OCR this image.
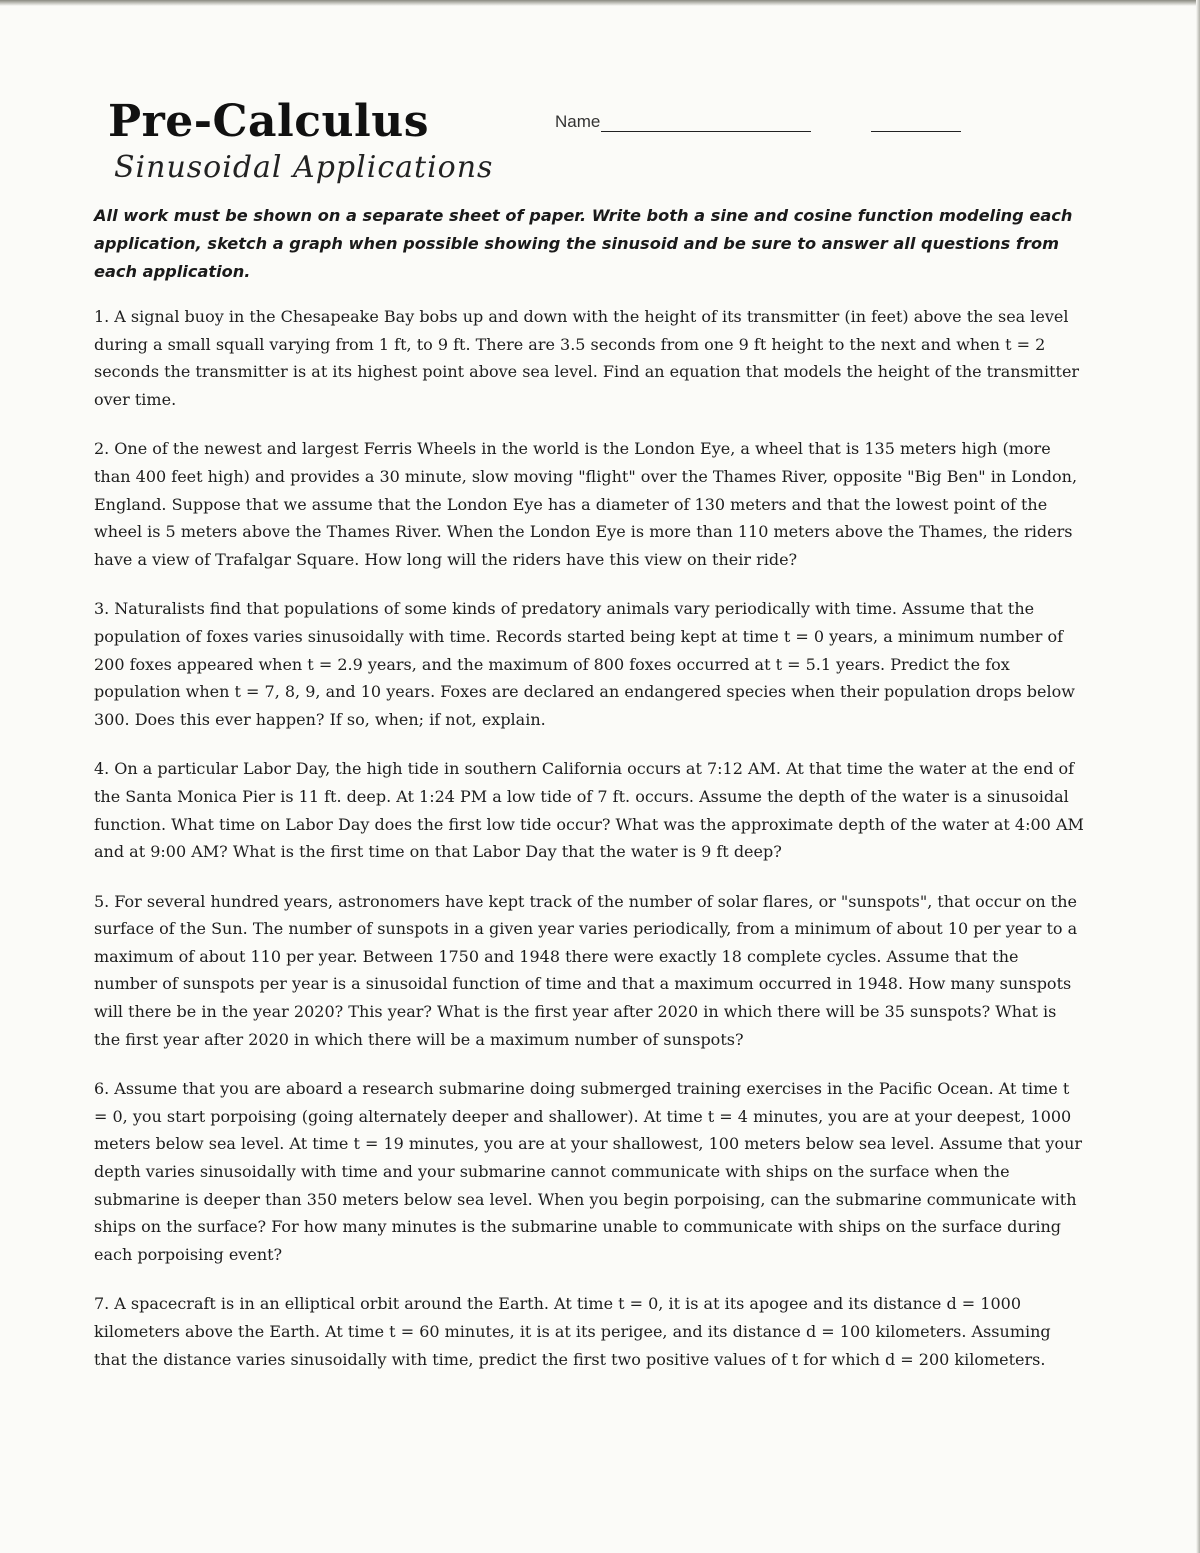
Pre-Calculus
Sinusoidal Applications
Name
All work must be shown on a separate sheet of paper. Write both a sine and cosine function modeling each application, sketch a graph when possible showing the sinusoid and be sure to answer all questions from each application.

1. A signal buoy in the Chesapeake Bay bobs up and down with the height of its transmitter (in feet) above the sea level during a small squall varying from 1 ft, to 9 ft. There are 3.5 seconds from one 9 ft height to the next and when t = 2 seconds the transmitter is at its highest point above sea level. Find an equation that models the height of the transmitter over time.

2. One of the newest and largest Ferris Wheels in the world is the London Eye, a wheel that is 135 meters high (more than 400 feet high) and provides a 30 minute, slow moving "flight" over the Thames River, opposite "Big Ben" in London, England. Suppose that we assume that the London Eye has a diameter of 130 meters and that the lowest point of the wheel is 5 meters above the Thames River. When the London Eye is more than 110 meters above the Thames, the riders have a view of Trafalgar Square. How long will the riders have this view on their ride?

3. Naturalists find that populations of some kinds of predatory animals vary periodically with time. Assume that the population of foxes varies sinusoidally with time. Records started being kept at time t = 0 years, a minimum number of 200 foxes appeared when t = 2.9 years, and the maximum of 800 foxes occurred at t = 5.1 years. Predict the fox population when t = 7, 8, 9, and 10 years. Foxes are declared an endangered species when their population drops below 300. Does this ever happen? If so, when; if not, explain.

4. On a particular Labor Day, the high tide in southern California occurs at 7:12 AM. At that time the water at the end of the Santa Monica Pier is 11 ft. deep. At 1:24 PM a low tide of 7 ft. occurs. Assume the depth of the water is a sinusoidal function. What time on Labor Day does the first low tide occur? What was the approximate depth of the water at 4:00 AM and at 9:00 AM? What is the first time on that Labor Day that the water is 9 ft deep?

5. For several hundred years, astronomers have kept track of the number of solar flares, or "sunspots", that occur on the surface of the Sun. The number of sunspots in a given year varies periodically, from a minimum of about 10 per year to a maximum of about 110 per year. Between 1750 and 1948 there were exactly 18 complete cycles. Assume that the number of sunspots per year is a sinusoidal function of time and that a maximum occurred in 1948. How many sunspots will there be in the year 2020? This year? What is the first year after 2020 in which there will be 35 sunspots? What is the first year after 2020 in which there will be a maximum number of sunspots?

6. Assume that you are aboard a research submarine doing submerged training exercises in the Pacific Ocean. At time t = 0, you start porpoising (going alternately deeper and shallower). At time t = 4 minutes, you are at your deepest, 1000 meters below sea level. At time t = 19 minutes, you are at your shallowest, 100 meters below sea level. Assume that your depth varies sinusoidally with time and your submarine cannot communicate with ships on the surface when the submarine is deeper than 350 meters below sea level. When you begin porpoising, can the submarine communicate with ships on the surface? For how many minutes is the submarine unable to communicate with ships on the surface during each porpoising event?

7. A spacecraft is in an elliptical orbit around the Earth. At time t = 0, it is at its apogee and its distance d = 1000 kilometers above the Earth. At time t = 60 minutes, it is at its perigee, and its distance d = 100 kilometers. Assuming that the distance varies sinusoidally with time, predict the first two positive values of t for which d = 200 kilometers.
